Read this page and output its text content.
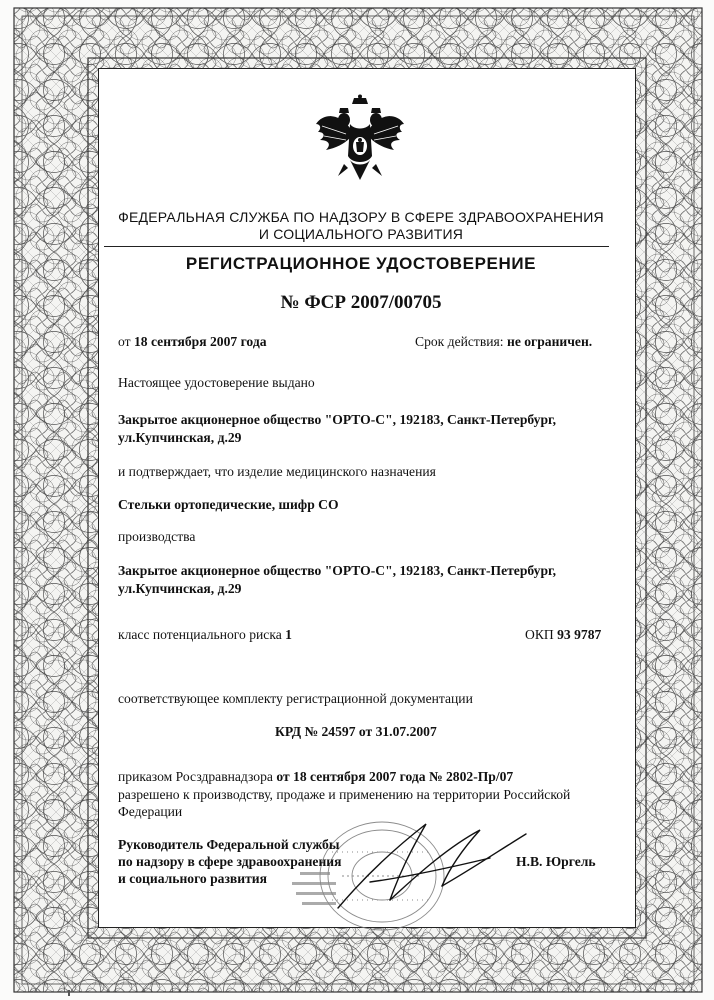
ФЕДЕРАЛЬНАЯ СЛУЖБА ПО НАДЗОРУ В СФЕРЕ ЗДРАВООХРАНЕНИЯ
И СОЦИАЛЬНОГО РАЗВИТИЯ
РЕГИСТРАЦИОННОЕ УДОСТОВЕРЕНИЕ
№ ФСР 2007/00705
от 18 сентября 2007 года	Срок действия: не ограничен.
Настоящее удостоверение выдано
Закрытое акционерное общество "ОРТО-С", 192183, Санкт-Петербург,
ул.Купчинская, д.29
и подтверждает, что изделие медицинского назначения
Стельки ортопедические, шифр СО
производства
Закрытое акционерное общество "ОРТО-С", 192183, Санкт-Петербург,
ул.Купчинская, д.29
класс потенциального риска 1	ОКП 93 9787
соответствующее комплекту регистрационной документации
КРД № 24597 от 31.07.2007
приказом Росздравнадзора от 18 сентября 2007 года № 2802-Пр/07
разрешено к производству, продаже и применению на территории Российской
Федерации
Руководитель Федеральной службы
по надзору в сфере здравоохранения
и социального развития
Н.В. Юргель
